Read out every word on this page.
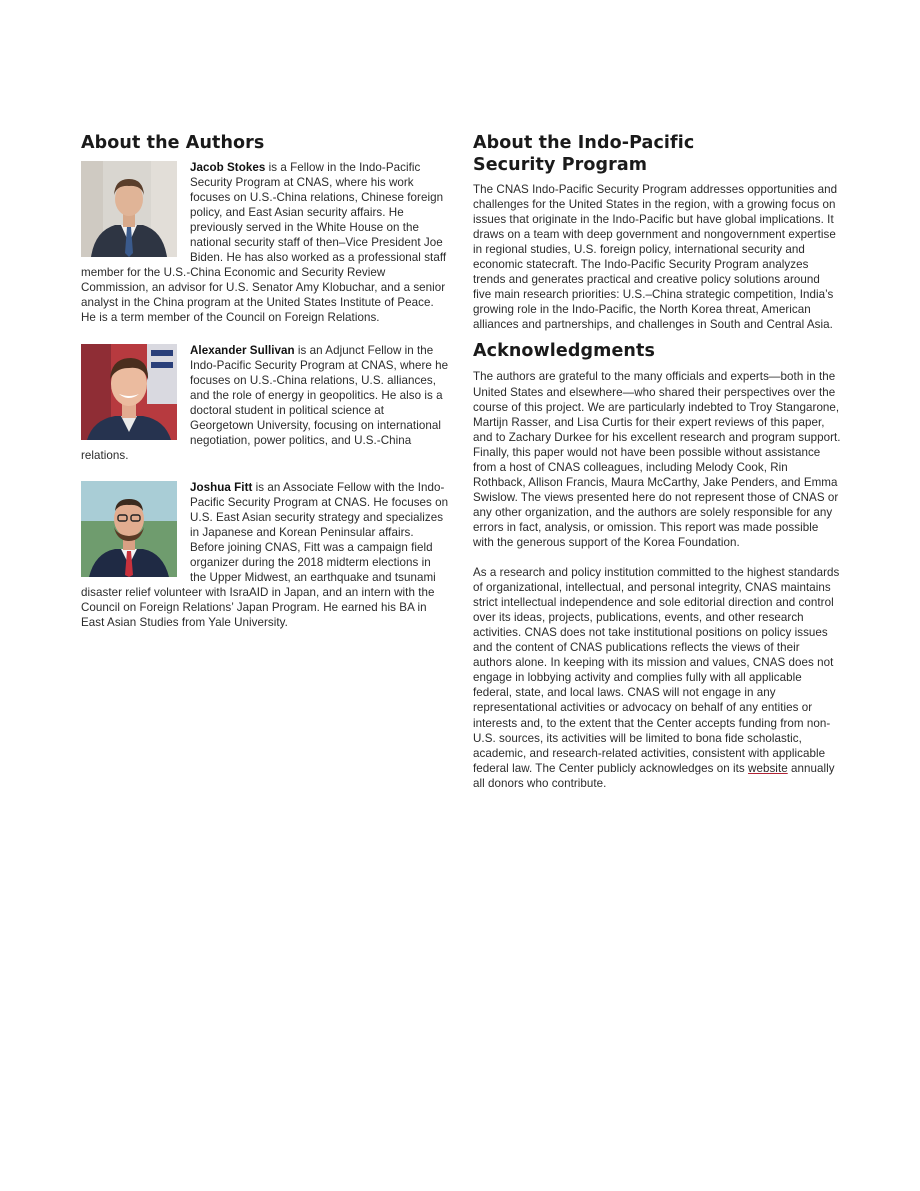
About the Authors

Jacob Stokes is a Fellow in the Indo-Pacific Security Program at CNAS, where his work focuses on U.S.-China relations, Chinese foreign policy, and East Asian security affairs. He previously served in the White House on the national security staff of then–Vice President Joe Biden. He has also worked as a professional staff member for the U.S.-China Economic and Security Review Commission, an advisor for U.S. Senator Amy Klobuchar, and a senior analyst in the China program at the United States Institute of Peace. He is a term member of the Council on Foreign Relations.

Alexander Sullivan is an Adjunct Fellow in the Indo-Pacific Security Program at CNAS, where he focuses on U.S.-China relations, U.S. alliances, and the role of energy in geopolitics. He also is a doctoral student in political science at Georgetown University, focusing on international negotiation, power politics, and U.S.-China relations.

Joshua Fitt is an Associate Fellow with the Indo-Pacific Security Program at CNAS. He focuses on U.S. East Asian security strategy and specializes in Japanese and Korean Peninsular affairs. Before joining CNAS, Fitt was a campaign field organizer during the 2018 midterm elections in the Upper Midwest, an earthquake and tsunami disaster relief volunteer with IsraAID in Japan, and an intern with the Council on Foreign Relations’ Japan Program. He earned his BA in East Asian Studies from Yale University.

About the Indo-Pacific
Security Program

The CNAS Indo-Pacific Security Program addresses opportunities and challenges for the United States in the region, with a growing focus on issues that originate in the Indo-Pacific but have global implications. It draws on a team with deep government and nongovernment expertise in regional studies, U.S. foreign policy, international security and economic statecraft. The Indo-Pacific Security Program analyzes trends and generates practical and creative policy solutions around five main research priorities: U.S.–China strategic competition, India’s growing role in the Indo-Pacific, the North Korea threat, American alliances and partnerships, and challenges in South and Central Asia.

Acknowledgments

The authors are grateful to the many officials and experts—both in the United States and elsewhere—who shared their perspectives over the course of this project. We are particularly indebted to Troy Stangarone, Martijn Rasser, and Lisa Curtis for their expert reviews of this paper, and to Zachary Durkee for his excellent research and program support. Finally, this paper would not have been possible without assistance from a host of CNAS colleagues, including Melody Cook, Rin Rothback, Allison Francis, Maura McCarthy, Jake Penders, and Emma Swislow. The views presented here do not represent those of CNAS or any other organization, and the authors are solely responsible for any errors in fact, analysis, or omission. This report was made possible with the generous support of the Korea Foundation.

As a research and policy institution committed to the highest standards of organizational, intellectual, and personal integrity, CNAS maintains strict intellectual independence and sole editorial direction and control over its ideas, projects, publications, events, and other research activities. CNAS does not take institutional positions on policy issues and the content of CNAS publications reflects the views of their authors alone. In keeping with its mission and values, CNAS does not engage in lobbying activity and complies fully with all applicable federal, state, and local laws. CNAS will not engage in any representational activities or advocacy on behalf of any entities or interests and, to the extent that the Center accepts funding from non-U.S. sources, its activities will be limited to bona fide scholastic, academic, and research-related activities, consistent with applicable federal law. The Center publicly acknowledges on its website annually all donors who contribute.
